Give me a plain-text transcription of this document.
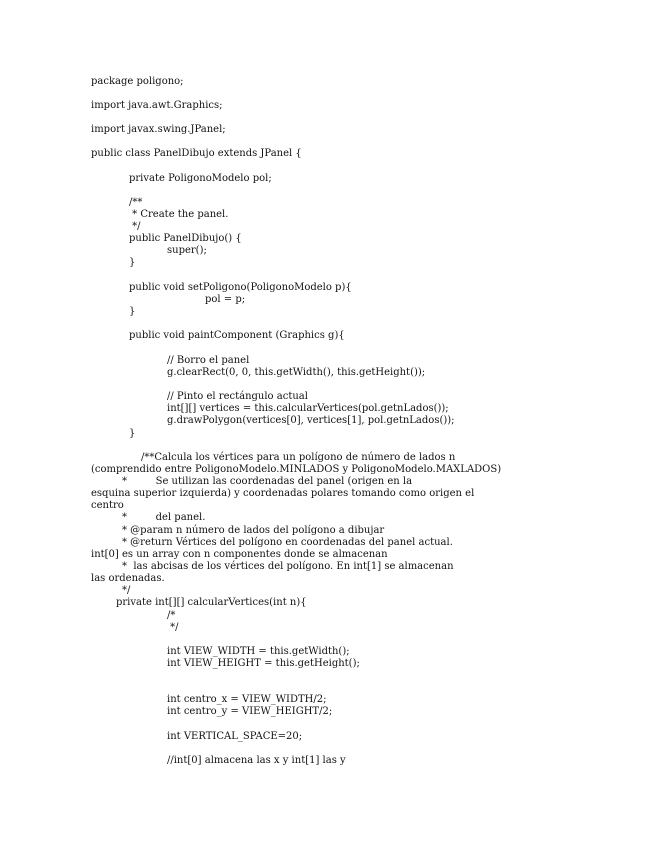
package poligono;
import java.awt.Graphics;
import javax.swing.JPanel;
public class PanelDibujo extends JPanel {
private PoligonoModelo pol;
/**
* Create the panel.
*/
public PanelDibujo() {
super();
}
public void setPoligono(PoligonoModelo p){
pol = p;
}
public void paintComponent (Graphics g){
// Borro el panel
g.clearRect(0, 0, this.getWidth(), this.getHeight());
// Pinto el rectángulo actual
int[][] vertices = this.calcularVertices(pol.getnLados());
g.drawPolygon(vertices[0], vertices[1], pol.getnLados());
}
/**Calcula los vértices para un polígono de número de lados n
(comprendido entre PoligonoModelo.MINLADOS y PoligonoModelo.MAXLADOS)
*         Se utilizan las coordenadas del panel (origen en la
esquina superior izquierda) y coordenadas polares tomando como origen el
centro
*         del panel.
* @param n número de lados del polígono a dibujar
* @return Vértices del polígono en coordenadas del panel actual.
int[0] es un array con n componentes donde se almacenan
*  las abcisas de los vértices del polígono. En int[1] se almacenan
las ordenadas.
*/
private int[][] calcularVertices(int n){
/*
*/
int VIEW_WIDTH = this.getWidth();
int VIEW_HEIGHT = this.getHeight();
int centro_x = VIEW_WIDTH/2;
int centro_y = VIEW_HEIGHT/2;
int VERTICAL_SPACE=20;
//int[0] almacena las x y int[1] las y
